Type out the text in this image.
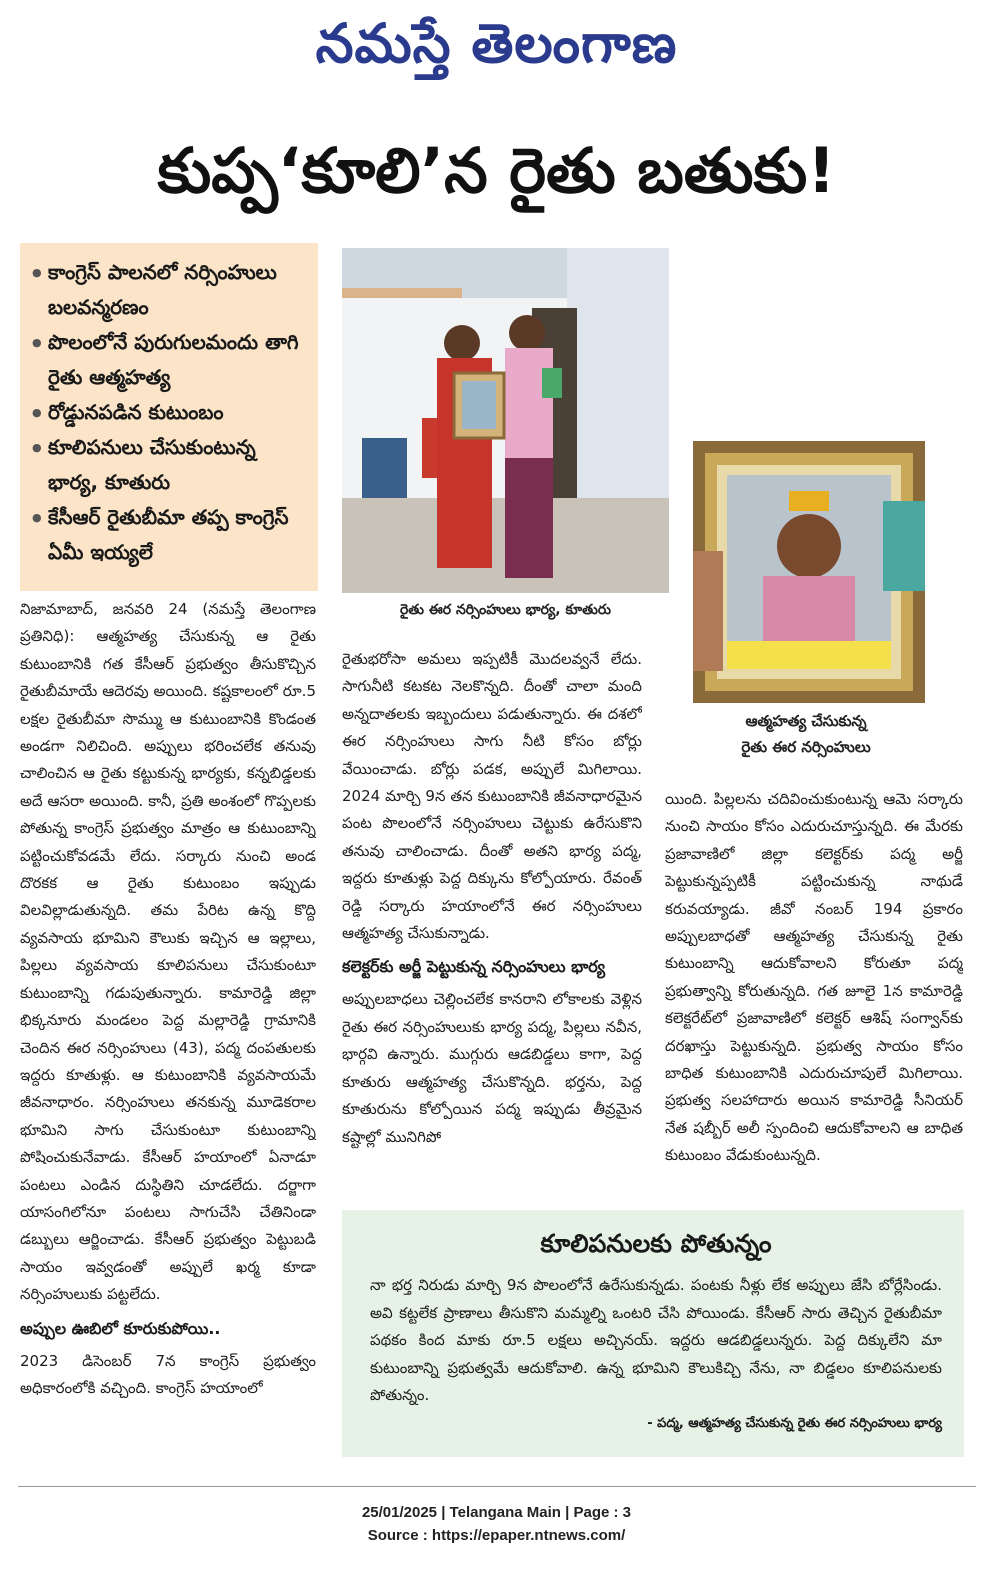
నమస్తే తెలంగాణ
కుప్ప‘కూలి’న రైతు బతుకు!
● కాంగ్రెస్ పాలనలో నర్సింహులు బలవన్మరణం
● పొలంలోనే పురుగులమందు తాగి రైతు ఆత్మహత్య
● రోడ్డునపడిన కుటుంబం
● కూలిపనులు చేసుకుంటున్న భార్య, కూతురు
● కేసీఆర్ రైతుబీమా తప్ప కాంగ్రెస్ ఏమీ ఇయ్యలే
రైతు ఈర నర్సింహులు భార్య, కూతురు
ఆత్మహత్య చేసుకున్న
రైతు ఈర నర్సింహులు

నిజామాబాద్, జనవరి 24 (నమస్తే తెలంగాణ ప్రతినిధి): ఆత్మహత్య చేసుకున్న ఆ రైతు కుటుంబానికి గత కేసీఆర్ ప్రభుత్వం తీసుకొచ్చిన రైతుబీమాయే ఆదెరవు అయింది. కష్టకాలంలో రూ.5 లక్షల రైతుబీమా సొమ్ము ఆ కుటుంబానికి కొండంత అండగా నిలిచింది. అప్పులు భరించలేక తనువు చాలించిన ఆ రైతు కట్టుకున్న భార్యకు, కన్నబిడ్డలకు అదే ఆసరా అయింది. కానీ, ప్రతి అంశంలో గొప్పలకు పోతున్న కాంగ్రెస్ ప్రభుత్వం మాత్రం ఆ కుటుంబాన్ని పట్టించుకోవడమే లేదు. సర్కారు నుంచి అండ దొరకక ఆ రైతు కుటుంబం ఇప్పుడు విలవిల్లాడుతున్నది. తమ పేరిట ఉన్న కొద్ది వ్యవసాయ భూమిని కౌలుకు ఇచ్చిన ఆ ఇల్లాలు, పిల్లలు వ్యవసాయ కూలిపనులు చేసుకుంటూ కుటుంబాన్ని గడుపుతున్నారు. కామారెడ్డి జిల్లా భిక్కనూరు మండలం పెద్ద మల్లారెడ్డి గ్రామానికి చెందిన ఈర నర్సింహులు (43), పద్మ దంపతులకు ఇద్దరు కూతుళ్లు. ఆ కుటుంబానికి వ్యవసాయమే జీవనాధారం. నర్సింహులు తనకున్న మూడెకరాల భూమిని సాగు చేసుకుంటూ కుటుంబాన్ని పోషించుకునేవాడు. కేసీఆర్ హయాంలో ఏనాడూ పంటలు ఎండిన దుస్థితిని చూడలేదు. దర్జాగా యాసంగిలోనూ పంటలు సాగుచేసి చేతినిండా డబ్బులు ఆర్జించాడు. కేసీఆర్ ప్రభుత్వం పెట్టుబడి సాయం ఇవ్వడంతో అప్పులే ఖర్మ కూడా నర్సింహులుకు పట్టలేదు.

అప్పుల ఊబిలో కూరుకుపోయి..

2023 డిసెంబర్ 7న కాంగ్రెస్ ప్రభుత్వం అధికారంలోకి వచ్చింది. కాంగ్రెస్ హయాంలో

రైతుభరోసా అమలు ఇప్పటికీ మొదలవ్వనే లేదు. సాగునీటి కటకట నెలకొన్నది. దీంతో చాలా మంది అన్నదాతలకు ఇబ్బందులు పడుతున్నారు. ఈ దశలో ఈర నర్సింహులు సాగు నీటి కోసం బోర్లు వేయించాడు. బోర్లు పడక, అప్పులే మిగిలాయి. 2024 మార్చి 9న తన కుటుంబానికి జీవనాధారమైన పంట పొలంలోనే నర్సింహులు చెట్టుకు ఉరేసుకొని తనువు చాలించాడు. దీంతో అతని భార్య పద్మ, ఇద్దరు కూతుళ్లు పెద్ద దిక్కును కోల్పోయారు. రేవంత్ రెడ్డి సర్కారు హయాంలోనే ఈర నర్సింహులు ఆత్మహత్య చేసుకున్నాడు.

కలెక్టర్‌కు అర్జీ పెట్టుకున్న నర్సింహులు భార్య

అప్పులబాధలు చెల్లించలేక కానరాని లోకాలకు వెళ్లిన రైతు ఈర నర్సింహులుకు భార్య పద్మ, పిల్లలు నవీన, భార్గవి ఉన్నారు. ముగ్గురు ఆడబిడ్డలు కాగా, పెద్ద కూతురు ఆత్మహత్య చేసుకొన్నది. భర్తను, పెద్ద కూతురును కోల్పోయిన పద్మ ఇప్పుడు తీవ్రమైన కష్టాల్లో మునిగిపో

యింది. పిల్లలను చదివించుకుంటున్న ఆమె సర్కారు నుంచి సాయం కోసం ఎదురుచూస్తున్నది. ఈ మేరకు ప్రజావాణిలో జిల్లా కలెక్టర్‌కు పద్మ అర్జీ పెట్టుకున్నప్పటికీ పట్టించుకున్న నాథుడే కరువయ్యాడు. జీవో నంబర్ 194 ప్రకారం అప్పులబాధతో ఆత్మహత్య చేసుకున్న రైతు కుటుంబాన్ని ఆదుకోవాలని కోరుతూ పద్మ ప్రభుత్వాన్ని కోరుతున్నది. గత జూలై 1న కామారెడ్డి కలెక్టరేట్‌లో ప్రజావాణిలో కలెక్టర్ ఆశిష్ సంగ్వాన్‌కు దరఖాస్తు పెట్టుకున్నది. ప్రభుత్వ సాయం కోసం బాధిత కుటుంబానికి ఎదురుచూపులే మిగిలాయి. ప్రభుత్వ సలహాదారు అయిన కామారెడ్డి సీనియర్ నేత షబ్బీర్ అలీ స్పందించి ఆదుకోవాలని ఆ బాధిత కుటుంబం వేడుకుంటున్నది.

కూలిపనులకు పోతున్నం
నా భర్త నిరుడు మార్చి 9న పొలంలోనే ఉరేసుకున్నడు. పంటకు నీళ్లు లేక అప్పులు జేసి బోర్లేసిండు. అవి కట్టలేక ప్రాణాలు తీసుకొని మమ్మల్ని ఒంటరి చేసి పోయిండు. కేసీఆర్ సారు తెచ్చిన రైతుబీమా పథకం కింద మాకు రూ.5 లక్షలు అచ్చినయ్. ఇద్దరు ఆడబిడ్డలున్నరు. పెద్ద దిక్కులేని మా కుటుంబాన్ని ప్రభుత్వమే ఆదుకోవాలి. ఉన్న భూమిని కౌలుకిచ్చి నేను, నా బిడ్డలం కూలిపనులకు పోతున్నం.
- పద్మ, ఆత్మహత్య చేసుకున్న రైతు ఈర నర్సింహులు భార్య
25/01/2025 | Telangana Main | Page : 3
Source : https://epaper.ntnews.com/
